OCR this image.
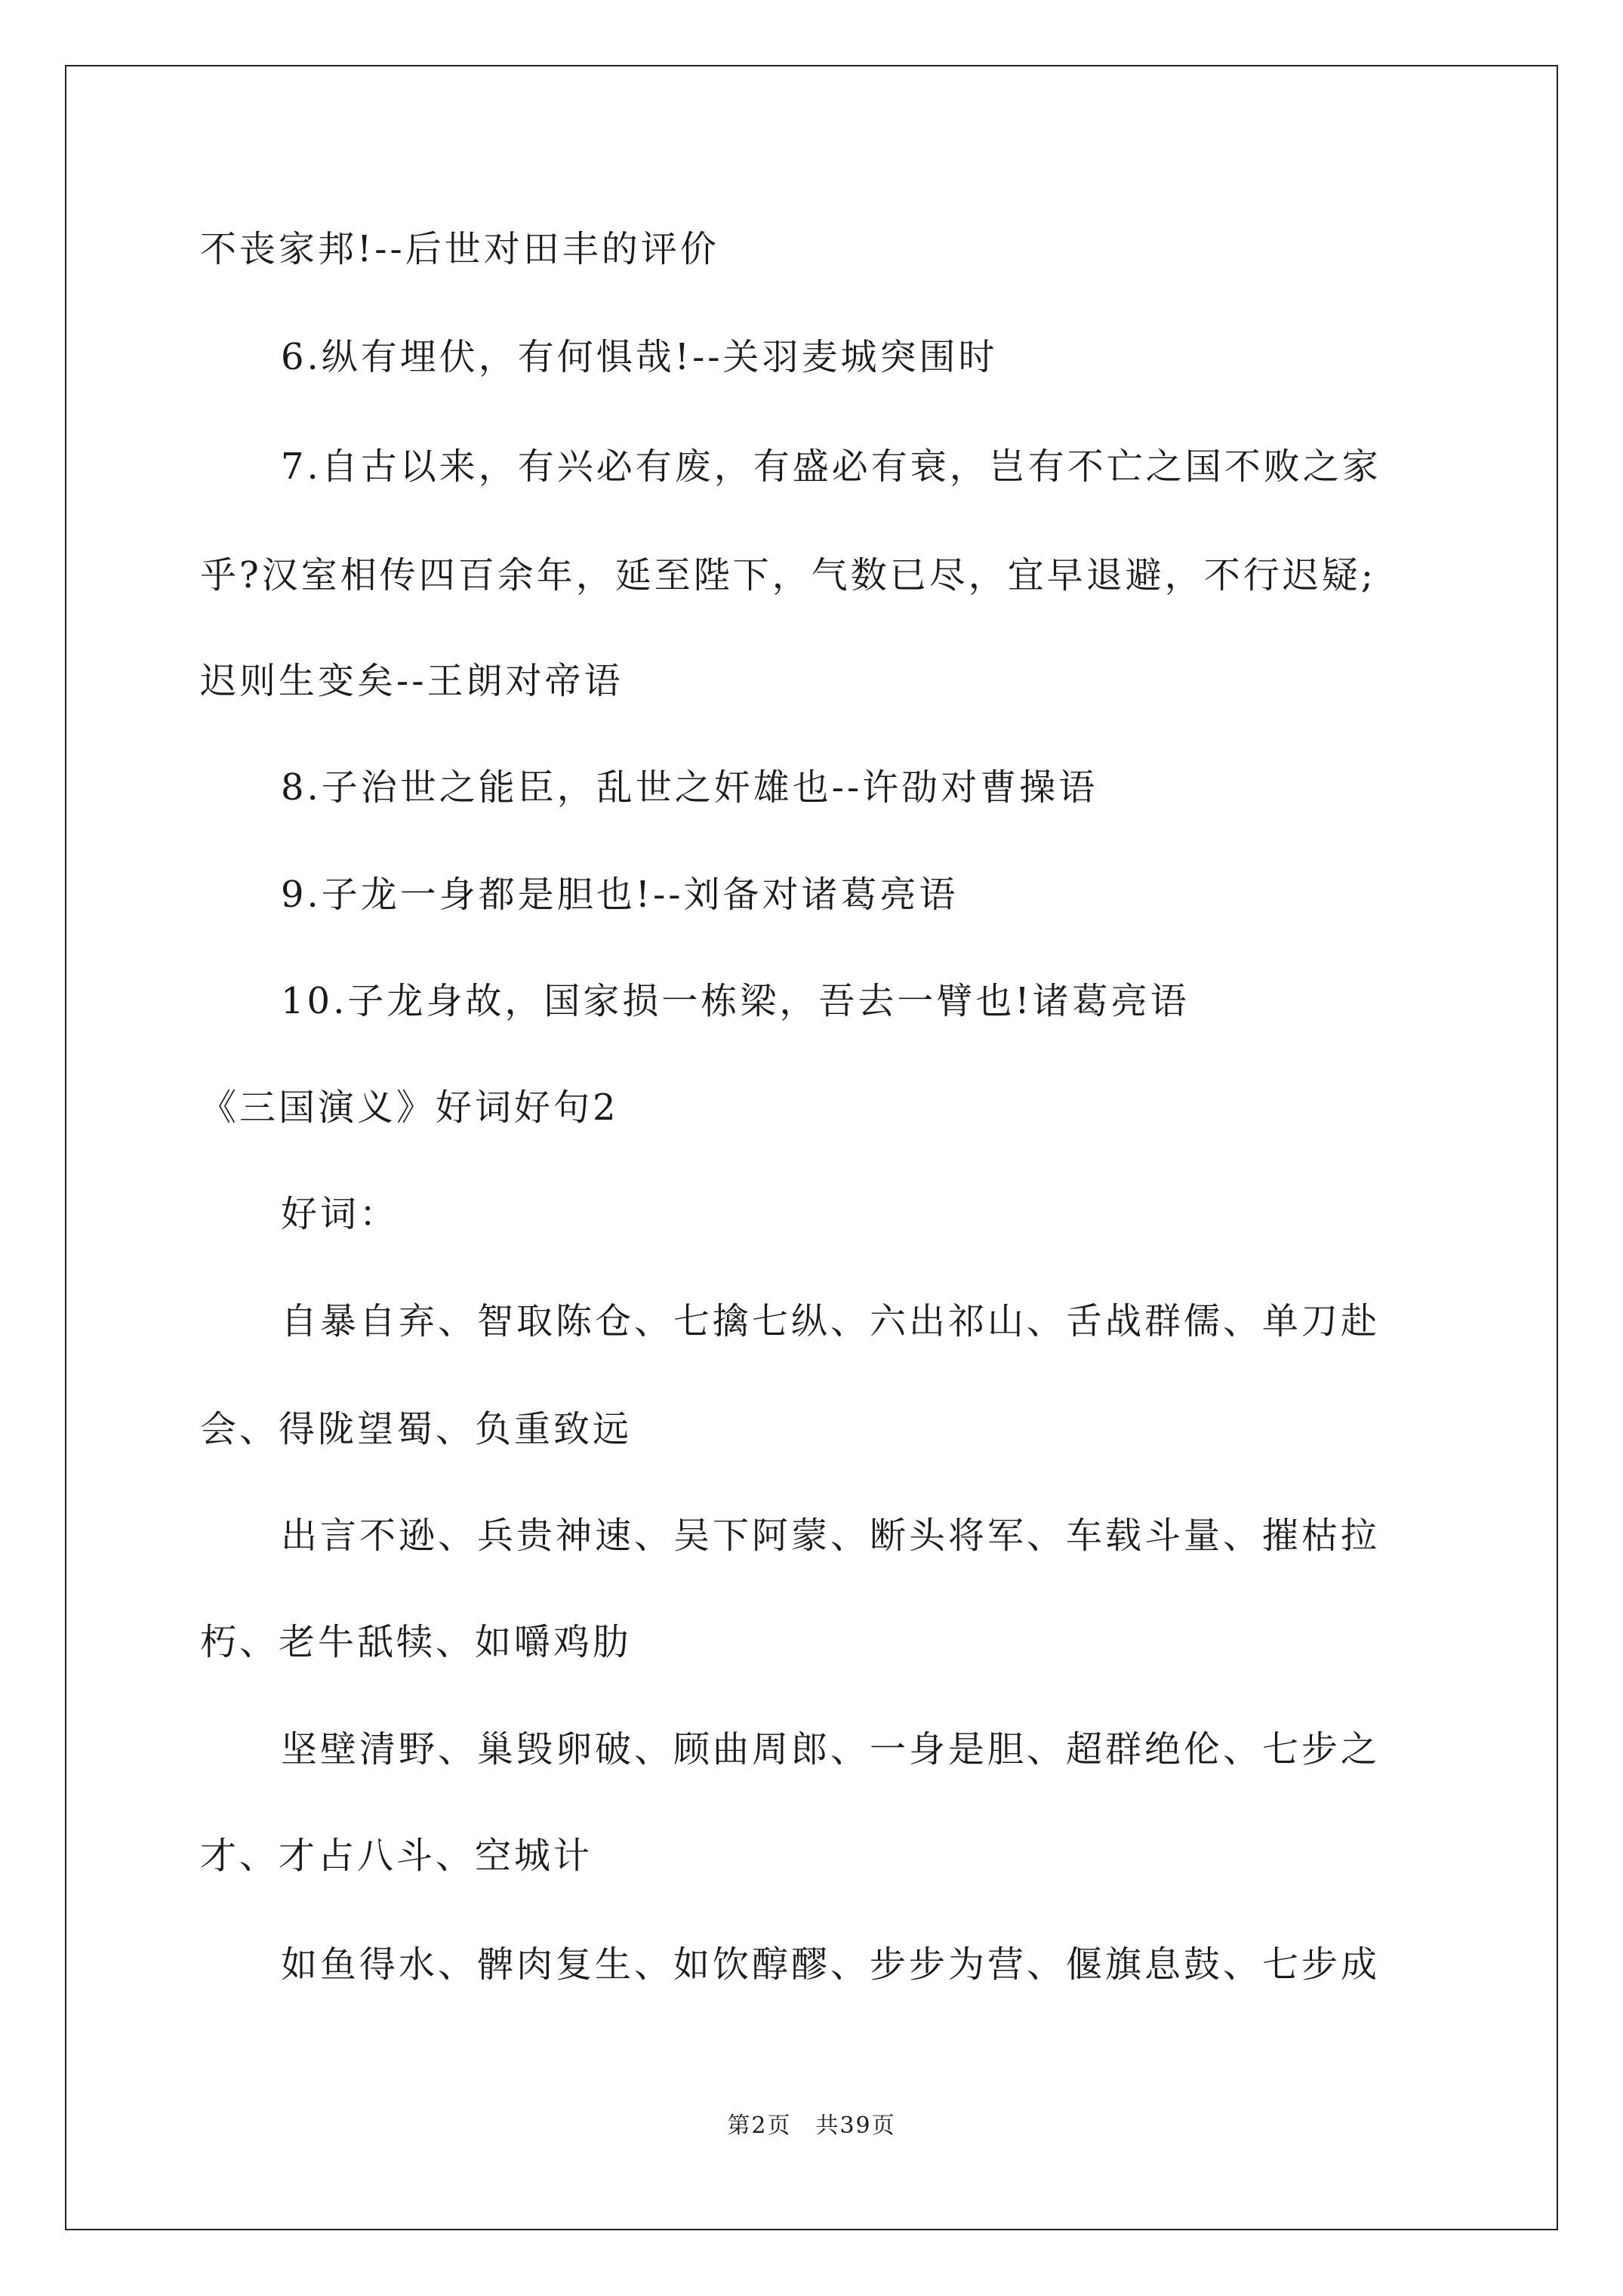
不丧家邦!--后世对田丰的评价
6.纵有埋伏，有何惧哉!--关羽麦城突围时
7.自古以来，有兴必有废，有盛必有衰，岂有不亡之国不败之家
乎?汉室相传四百余年，延至陛下，气数已尽，宜早退避，不行迟疑;
迟则生变矣--王朗对帝语
8.子治世之能臣，乱世之奸雄也--许劭对曹操语
9.子龙一身都是胆也!--刘备对诸葛亮语
10.子龙身故，国家损一栋梁，吾去一臂也!诸葛亮语
《三国演义》好词好句2
好词：
自暴自弃、智取陈仓、七擒七纵、六出祁山、舌战群儒、单刀赴
会、得陇望蜀、负重致远
出言不逊、兵贵神速、吴下阿蒙、断头将军、车载斗量、摧枯拉
朽、老牛舐犊、如嚼鸡肋
坚壁清野、巢毁卵破、顾曲周郎、一身是胆、超群绝伦、七步之
才、才占八斗、空城计
如鱼得水、髀肉复生、如饮醇醪、步步为营、偃旗息鼓、七步成
第2页　共39页
